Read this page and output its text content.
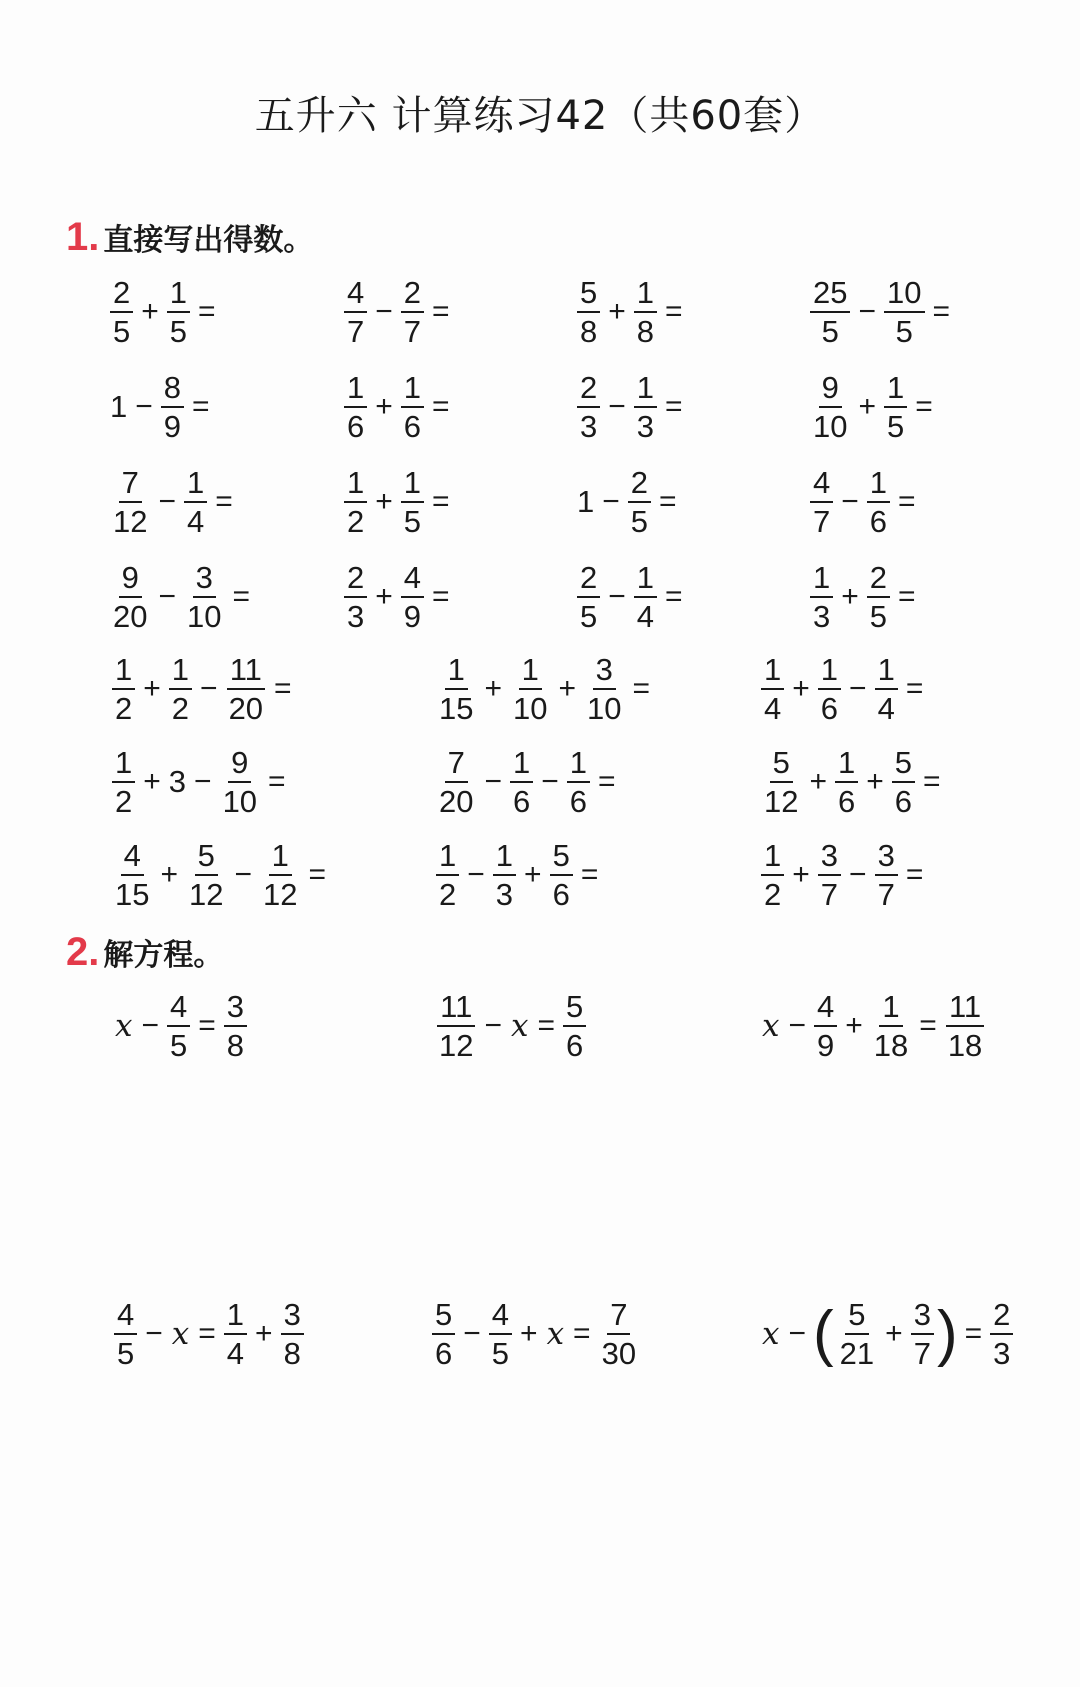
五升六 计算练习42（共60套）
1. 直接写出得数。
2. 解方程。
$\frac{2}{5} + \frac{1}{5}$ =	$\frac{4}{7} - \frac{2}{7}$ =	$\frac{5}{8} + \frac{1}{8}$ =	$\frac{25}{5} - \frac{10}{5}$ =
$1 - \frac{8}{9}$ =	$\frac{1}{6} + \frac{1}{6}$ =	$\frac{2}{3} - \frac{1}{3}$ =	$\frac{9}{10} + \frac{1}{5}$ =
$\frac{7}{12} - \frac{1}{4}$ =	$\frac{1}{2} + \frac{1}{5}$ =	$1 - \frac{2}{5}$ =	$\frac{4}{7} - \frac{1}{6}$ =
$\frac{9}{20} - \frac{3}{10}$ =	$\frac{2}{3} + \frac{4}{9}$ =	$\frac{2}{5} - \frac{1}{4}$ =	$\frac{1}{3} + \frac{2}{5}$ =
$\frac{1}{2} + \frac{1}{2} - \frac{11}{20}$ =	$\frac{1}{15} + \frac{1}{10} + \frac{3}{10}$ =	$\frac{1}{4} + \frac{1}{6} - \frac{1}{4}$ =
$\frac{1}{2} + 3 - \frac{9}{10}$ =	$\frac{7}{20} - \frac{1}{6} - \frac{1}{6}$ =	$\frac{5}{12} + \frac{1}{6} + \frac{5}{6}$ =
$\frac{4}{15} + \frac{5}{12} - \frac{1}{12}$ =	$\frac{1}{2} - \frac{1}{3} + \frac{5}{6}$ =	$\frac{1}{2} + \frac{3}{7} - \frac{3}{7}$ =
$x - \frac{4}{5} = \frac{3}{8}$	$\frac{11}{12} - x = \frac{5}{6}$	$x - \frac{4}{9} + \frac{1}{18} = \frac{11}{18}$
$\frac{4}{5} - x = \frac{1}{4} + \frac{3}{8}$	$\frac{5}{6} - \frac{4}{5} + x = \frac{7}{30}$	x − ( $\frac{5}{21} + \frac{3}{7}$ ) = $\frac{2}{3}$
